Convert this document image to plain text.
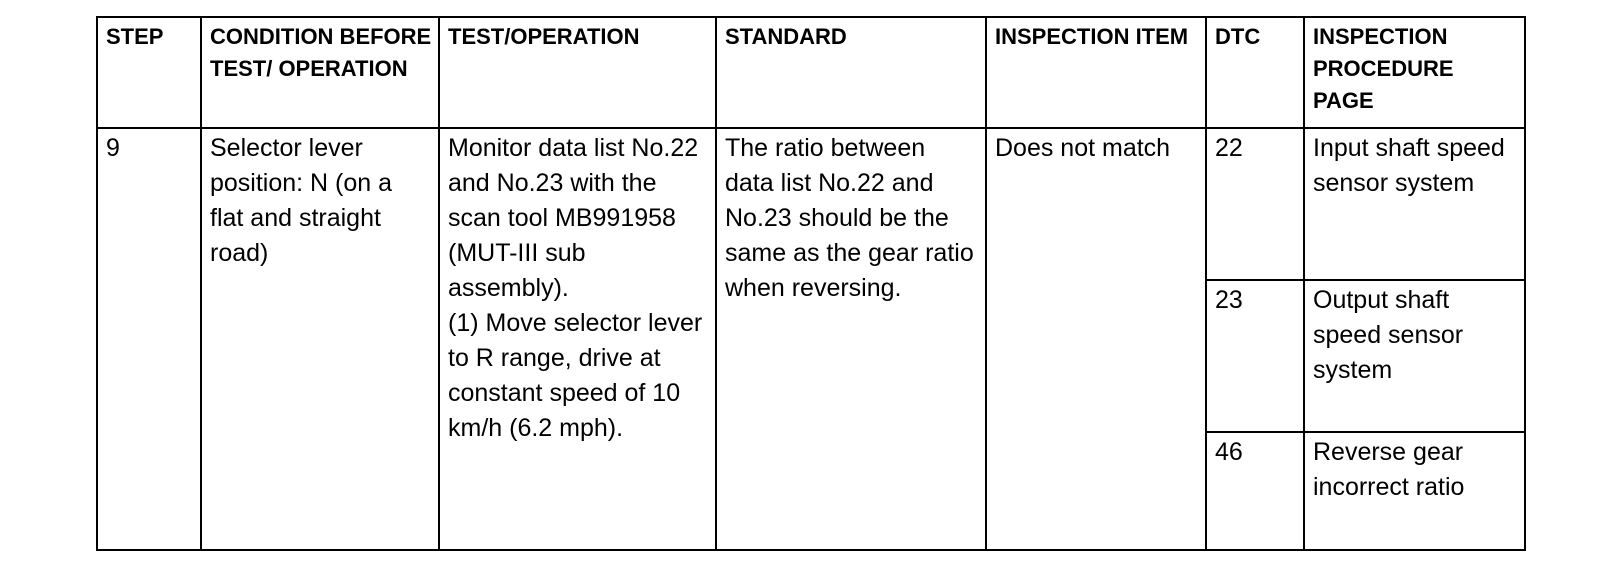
STEP	CONDITION BEFORE TEST/ OPERATION	TEST/OPERATION	STANDARD	INSPECTION ITEM	DTC	INSPECTION PROCEDURE PAGE
9	Selector lever position: N (on a flat and straight road)	Monitor data list No.22 and No.23 with the scan tool MB991958 (MUT-III sub assembly).
(1) Move selector lever to R range, drive at constant speed of 10 km/h (6.2 mph).	The ratio between data list No.22 and No.23 should be the same as the gear ratio when reversing.	Does not match	22	Input shaft speed sensor system
					23	Output shaft speed sensor system
					46	Reverse gear incorrect ratio
